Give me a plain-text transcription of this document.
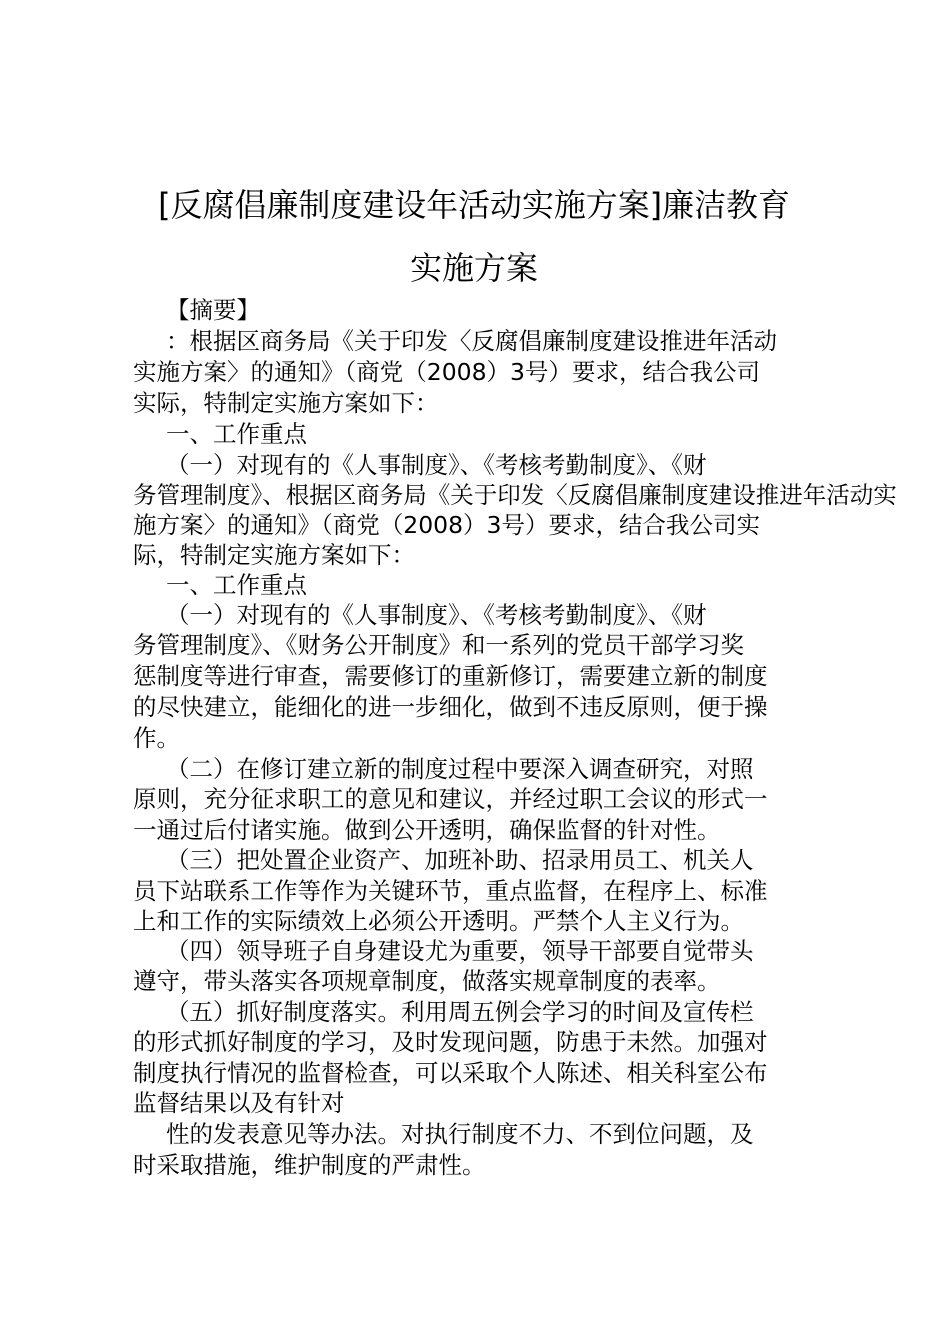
[反腐倡廉制度建设年活动实施方案]廉洁教育
实施方案
【摘要】
：根据区商务局《关于印发〈反腐倡廉制度建设推进年活动
实施方案〉的通知》（商党（2008）3号）要求，结合我公司
实际，特制定实施方案如下：
一、工作重点
（一）对现有的《人事制度》、《考核考勤制度》、《财
务管理制度》、根据区商务局《关于印发〈反腐倡廉制度建设推进年活动实
施方案〉的通知》（商党（2008）3号）要求，结合我公司实
际，特制定实施方案如下：
一、工作重点
（一）对现有的《人事制度》、《考核考勤制度》、《财
务管理制度》、《财务公开制度》和一系列的党员干部学习奖
惩制度等进行审查，需要修订的重新修订，需要建立新的制度
的尽快建立，能细化的进一步细化，做到不违反原则，便于操
作。
（二）在修订建立新的制度过程中要深入调查研究，对照
原则，充分征求职工的意见和建议，并经过职工会议的形式一
一通过后付诸实施。做到公开透明，确保监督的针对性。
（三）把处置企业资产、加班补助、招录用员工、机关人
员下站联系工作等作为关键环节，重点监督，在程序上、标准
上和工作的实际绩效上必须公开透明。严禁个人主义行为。
（四）领导班子自身建设尤为重要，领导干部要自觉带头
遵守，带头落实各项规章制度，做落实规章制度的表率。
（五）抓好制度落实。利用周五例会学习的时间及宣传栏
的形式抓好制度的学习，及时发现问题，防患于未然。加强对
制度执行情况的监督检查，可以采取个人陈述、相关科室公布
监督结果以及有针对
性的发表意见等办法。对执行制度不力、不到位问题，及
时采取措施，维护制度的严肃性。
